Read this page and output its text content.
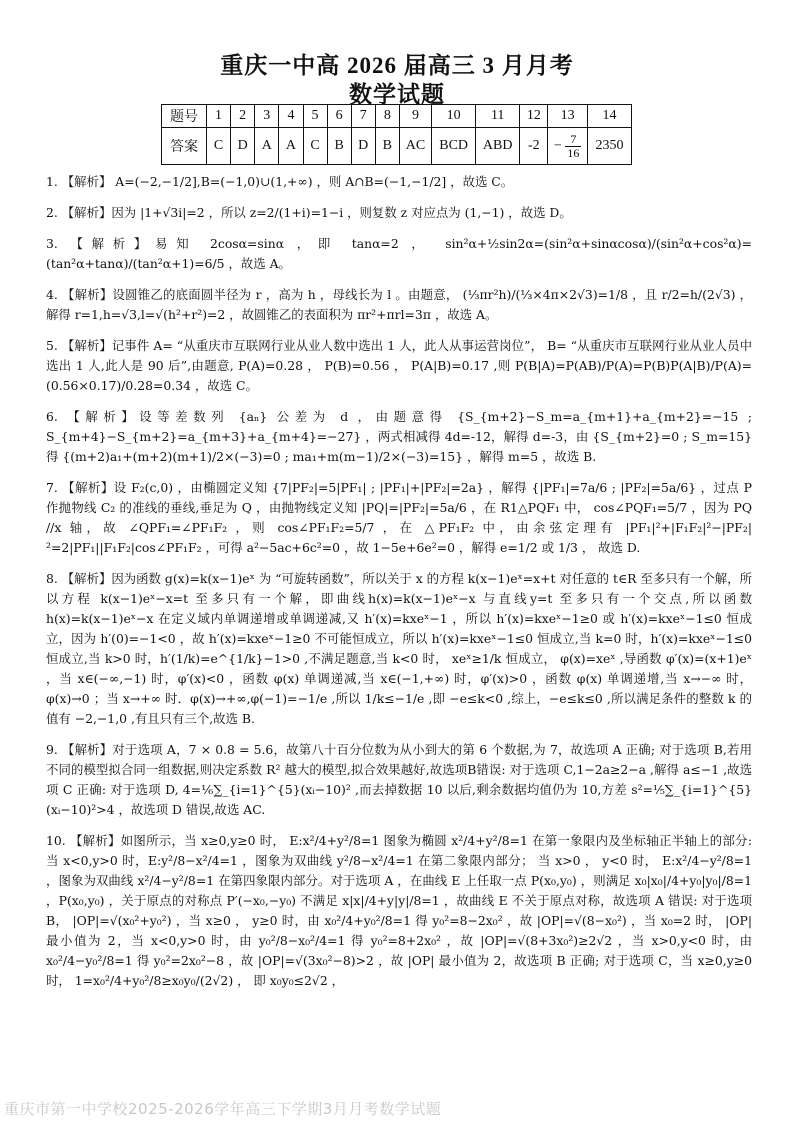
重庆一中高 2026 届高三 3 月月考
数学试题
题号	1	2	3	4	5	6	7	8	9	10	11	12	13	14
答案	C	D	A	A	C	B	D	B	AC	BCD	ABD	-2	− $\frac{7}{16}$	2350

1. 【解析】 A=(−2,−1/2],B=(−1,0)∪(1,+∞) ，则 A∩B=(−1,−1/2] ，故选 C。

2. 【解析】因为 |1+√3i|=2 ，所以 z=2/(1+i)=1−i ，则复数 z 对应点为 (1,−1) ，故选 D。

3. 【解析】易知 2cosα=sinα ，即 tanα=2 ， sin²α+½sin2α=(sin²α+sinαcosα)/(sin²α+cos²α)=(tan²α+tanα)/(tan²α+1)=6/5 ，故选 A。

4. 【解析】设圆锥乙的底面圆半径为 r ，高为 h ，母线长为 l 。由题意， (⅓πr²h)/(⅓×4π×2√3)=1/8 ，且 r/2=h/(2√3) ，解得 r=1,h=√3,l=√(h²+r²)=2 ，故圆锥乙的表面积为 πr²+πrl=3π ，故选 A。

5. 【解析】记事件 A= “从重庆市互联网行业从业人数中选出 1 人，此人从事运营岗位”， B= “从重庆市互联网行业从业人员中选出 1 人,此人是 90 后”,由题意, P(A)=0.28 ， P(B)=0.56 ， P(A|B)=0.17 ,则 P(B|A)=P(AB)/P(A)=P(B)P(A|B)/P(A)=(0.56×0.17)/0.28=0.34 ，故选 C。

6. 【解析】设等差数列 {aₙ} 公差为 d ，由题意得 {S_{m+2}−S_m=a_{m+1}+a_{m+2}=−15 ; S_{m+4}−S_{m+2}=a_{m+3}+a_{m+4}=−27} ，两式相减得 4d=-12，解得 d=-3，由 {S_{m+2}=0 ; S_m=15} 得 {(m+2)a₁+(m+2)(m+1)/2×(−3)=0 ; ma₁+m(m−1)/2×(−3)=15} ，解得 m=5 ，故选 B.

7. 【解析】设 F₂(c,0) ，由椭圆定义知 {7|PF₂|=5|PF₁| ; |PF₁|+|PF₂|=2a} ，解得 {|PF₁|=7a/6 ; |PF₂|=5a/6} ，过点 P 作抛物线 C₂ 的准线的垂线,垂足为 Q ，由抛物线定义知 |PQ|=|PF₂|=5a/6 ，在 R1△PQF₁ 中， cos∠PQF₁=5/7 ，因为 PQ //x 轴，故 ∠QPF₁=∠PF₁F₂ ，则 cos∠PF₁F₂=5/7 ，在 △PF₁F₂ 中，由余弦定理有 |PF₁|²+|F₁F₂|²−|PF₂|²=2|PF₁||F₁F₂|cos∠PF₁F₂ ，可得 a²−5ac+6c²=0 ，故 1−5e+6e²=0 ，解得 e=1/2 或 1/3 ， 故选 D.

8. 【解析】因为函数 g(x)=k(x−1)eˣ 为 “可旋转函数”，所以关于 x 的方程 k(x−1)eˣ=x+t 对任意的 t∈R 至多只有一个解，所以方程 k(x−1)eˣ−x=t 至多只有一个解，即曲线h(x)=k(x−1)eˣ−x 与直线y=t 至多只有一个交点,所以函数 h(x)=k(x−1)eˣ−x 在定义域内单调递增或单调递减,又 h′(x)=kxeˣ−1 ，所以 h′(x)=kxeˣ−1≥0 或 h′(x)=kxeˣ−1≤0 恒成立，因为 h′(0)=−1<0 ，故 h′(x)=kxeˣ−1≥0 不可能恒成立，所以 h′(x)=kxeˣ−1≤0 恒成立,当 k=0 时，h′(x)=kxeˣ−1≤0 恒成立,当 k>0 时，h′(1/k)=e^{1/k}−1>0 ,不满足题意,当 k<0 时， xeˣ≥1/k 恒成立， φ(x)=xeˣ ,导函数 φ′(x)=(x+1)eˣ ，当 x∈(−∞,−1) 时，φ′(x)<0 ，函数 φ(x) 单调递减,当 x∈(−1,+∞) 时，φ′(x)>0 ，函数 φ(x) 单调递增,当 x→−∞ 时，φ(x)→0 ；当 x→+∞ 时．φ(x)→+∞,φ(−1)=−1/e ,所以 1/k≤−1/e ,即 −e≤k<0 ,综上，−e≤k≤0 ,所以满足条件的整数 k 的值有 −2,−1,0 ,有且只有三个,故选 B.

9. 【解析】对于选项 A，7 × 0.8 = 5.6，故第八十百分位数为从小到大的第 6 个数据,为 7，故选项 A 正确; 对于选项 B,若用不同的模型拟合同一组数据,则决定系数 R² 越大的模型,拟合效果越好,故选项B错误: 对于选项 C,1−2a≥2−a ,解得 a≤−1 ,故选项 C 正确: 对于选项 D, 4=⅙∑_{i=1}^{5}(xᵢ−10)² ,而去掉数据 10 以后,剩余数据均值仍为 10,方差 s²=⅕∑_{i=1}^{5}(xᵢ−10)²>4 ，故选项 D 错误,故选 AC.

10. 【解析】如图所示，当 x≥0,y≥0 时， E:x²/4+y²/8=1 图象为椭圆 x²/4+y²/8=1 在第一象限内及坐标轴正半轴上的部分: 当 x<0,y>0 时，E:y²/8−x²/4=1 ，图象为双曲线 y²/8−x²/4=1 在第二象限内部分； 当 x>0 ， y<0 时， E:x²/4−y²/8=1 ，图象为双曲线 x²/4−y²/8=1 在第四象限内部分。对于选项 A ，在曲线 E 上任取一点 P(x₀,y₀) ，则满足 x₀|x₀|/4+y₀|y₀|/8=1 ，P(x₀,y₀) ，关于原点的对称点 P′(−x₀,−y₀) 不满足 x|x|/4+y|y|/8=1 ，故曲线 E 不关于原点对称，故选项 A 错误: 对于选项 B， |OP|=√(x₀²+y₀²) ，当 x≥0 ， y≥0 时，由 x₀²/4+y₀²/8=1 得 y₀²=8−2x₀² ，故 |OP|=√(8−x₀²) ，当 x₀=2 时， |OP| 最小值为 2，当 x<0,y>0 时，由 y₀²/8−x₀²/4=1 得 y₀²=8+2x₀² ，故 |OP|=√(8+3x₀²)≥2√2 ，当 x>0,y<0 时，由 x₀²/4−y₀²/8=1 得 y₀²=2x₀²−8 ，故 |OP|=√(3x₀²−8)>2 ，故 |OP| 最小值为 2，故选项 B 正确; 对于选项 C，当 x≥0,y≥0 时， 1=x₀²/4+y₀²/8≥x₀y₀/(2√2) ， 即 x₀y₀≤2√2 ，

重庆市第一中学校2025-2026学年高三下学期3月月考数学试题
